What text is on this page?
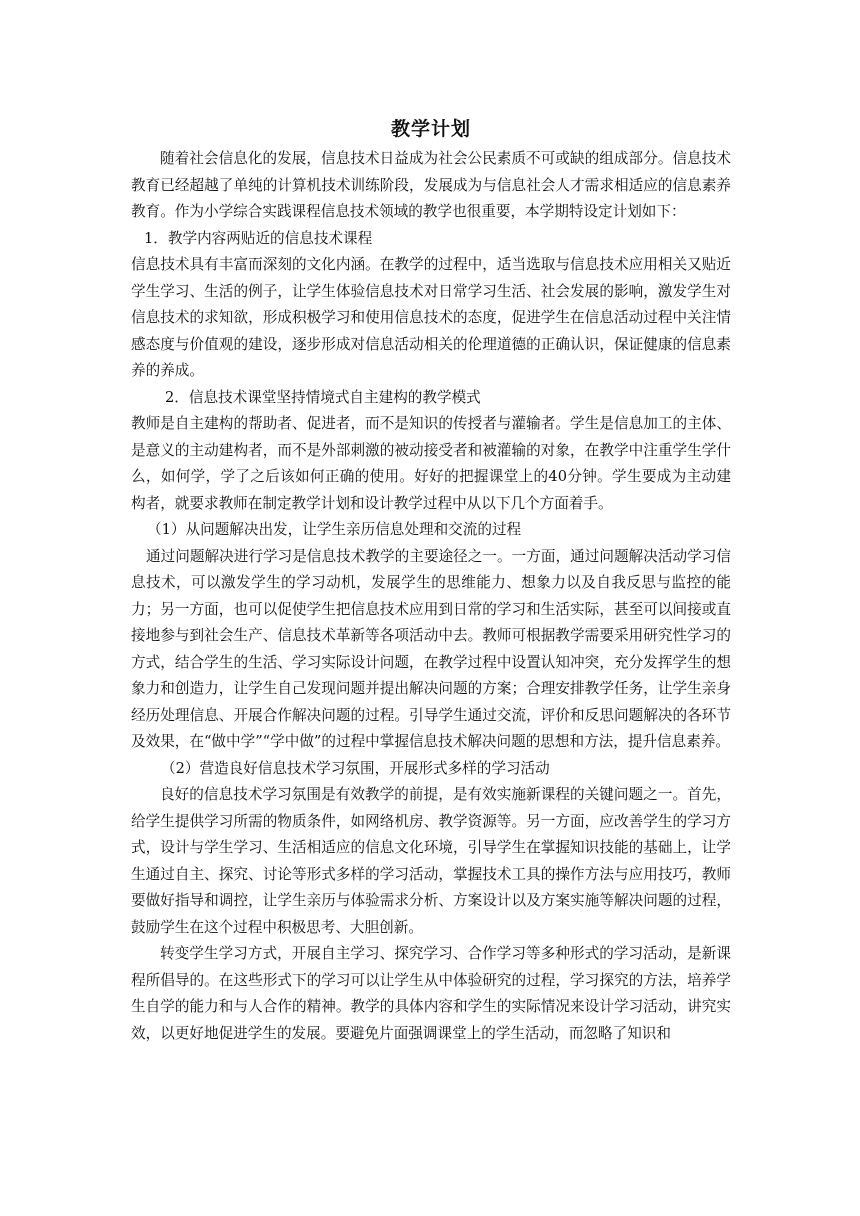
教学计划

随着社会信息化的发展，信息技术日益成为社会公民素质不可或缺的组成部分。信息技术教育已经超越了单纯的计算机技术训练阶段，发展成为与信息社会人才需求相适应的信息素养教育。作为小学综合实践课程信息技术领域的教学也很重要，本学期特设定计划如下：

1．教学内容两贴近的信息技术课程

信息技术具有丰富而深刻的文化内涵。在教学的过程中，适当选取与信息技术应用相关又贴近学生学习、生活的例子，让学生体验信息技术对日常学习生活、社会发展的影响，激发学生对信息技术的求知欲，形成积极学习和使用信息技术的态度，促进学生在信息活动过程中关注情感态度与价值观的建设，逐步形成对信息活动相关的伦理道德的正确认识，保证健康的信息素养的养成。

2．信息技术课堂坚持情境式自主建构的教学模式

教师是自主建构的帮助者、促进者，而不是知识的传授者与灌输者。学生是信息加工的主体、是意义的主动建构者，而不是外部刺激的被动接受者和被灌输的对象，在教学中注重学生学什么，如何学，学了之后该如何正确的使用。好好的把握课堂上的40分钟。学生要成为主动建构者，就要求教师在制定教学计划和设计教学过程中从以下几个方面着手。

（1）从问题解决出发，让学生亲历信息处理和交流的过程

通过问题解决进行学习是信息技术教学的主要途径之一。一方面，通过问题解决活动学习信息技术，可以激发学生的学习动机，发展学生的思维能力、想象力以及自我反思与监控的能力；另一方面，也可以促使学生把信息技术应用到日常的学习和生活实际，甚至可以间接或直接地参与到社会生产、信息技术革新等各项活动中去。教师可根据教学需要采用研究性学习的方式，结合学生的生活、学习实际设计问题，在教学过程中设置认知冲突，充分发挥学生的想象力和创造力，让学生自己发现问题并提出解决问题的方案；合理安排教学任务，让学生亲身经历处理信息、开展合作解决问题的过程。引导学生通过交流，评价和反思问题解决的各环节及效果，在“做中学”“学中做”的过程中掌握信息技术解决问题的思想和方法，提升信息素养。

（2）营造良好信息技术学习氛围，开展形式多样的学习活动

良好的信息技术学习氛围是有效教学的前提，是有效实施新课程的关键问题之一。首先，给学生提供学习所需的物质条件，如网络机房、教学资源等。另一方面，应改善学生的学习方式，设计与学生学习、生活相适应的信息文化环境，引导学生在掌握知识技能的基础上，让学生通过自主、探究、讨论等形式多样的学习活动，掌握技术工具的操作方法与应用技巧，教师要做好指导和调控，让学生亲历与体验需求分析、方案设计以及方案实施等解决问题的过程，鼓励学生在这个过程中积极思考、大胆创新。

转变学生学习方式，开展自主学习、探究学习、合作学习等多种形式的学习活动，是新课程所倡导的。在这些形式下的学习可以让学生从中体验研究的过程，学习探究的方法，培养学生自学的能力和与人合作的精神。教学的具体内容和学生的实际情况来设计学习活动，讲究实效，以更好地促进学生的发展。要避免片面强调课堂上的学生活动，而忽略了知识和
